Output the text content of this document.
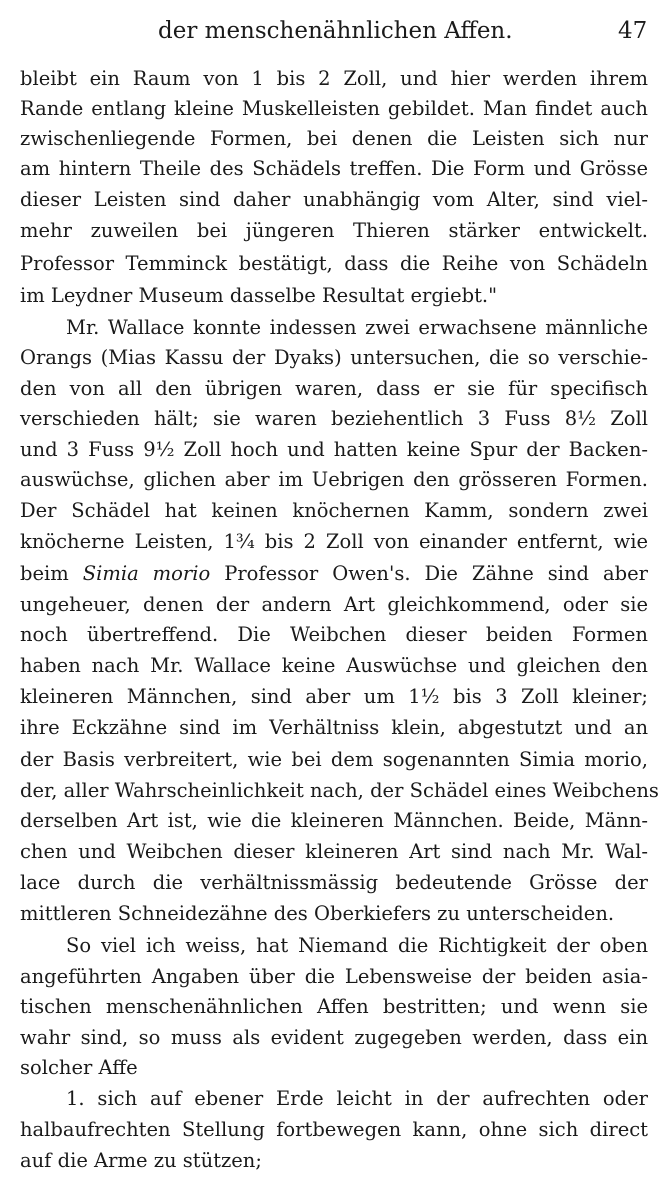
der menschenähnlichen Affen.	47
bleibt ein Raum von 1 bis 2 Zoll, und hier werden ihrem
Rande entlang kleine Muskelleisten gebildet. Man findet auch
zwischenliegende Formen, bei denen die Leisten sich nur
am hintern Theile des Schädels treffen. Die Form und Grösse
dieser Leisten sind daher unabhängig vom Alter, sind viel-
mehr zuweilen bei jüngeren Thieren stärker entwickelt.
Professor Temminck bestätigt, dass die Reihe von Schädeln
im Leydner Museum dasselbe Resultat ergiebt."
Mr. Wallace konnte indessen zwei erwachsene männliche
Orangs (Mias Kassu der Dyaks) untersuchen, die so verschie-
den von all den übrigen waren, dass er sie für specifisch
verschieden hält; sie waren beziehentlich 3 Fuss 8½ Zoll
und 3 Fuss 9½ Zoll hoch und hatten keine Spur der Backen-
auswüchse, glichen aber im Uebrigen den grösseren Formen.
Der Schädel hat keinen knöchernen Kamm, sondern zwei
knöcherne Leisten, 1¾ bis 2 Zoll von einander entfernt, wie
beim Simia morio Professor Owen's. Die Zähne sind aber
ungeheuer, denen der andern Art gleichkommend, oder sie
noch übertreffend. Die Weibchen dieser beiden Formen
haben nach Mr. Wallace keine Auswüchse und gleichen den
kleineren Männchen, sind aber um 1½ bis 3 Zoll kleiner;
ihre Eckzähne sind im Verhältniss klein, abgestutzt und an
der Basis verbreitert, wie bei dem sogenannten Simia morio,
der, aller Wahrscheinlichkeit nach, der Schädel eines Weibchens
derselben Art ist, wie die kleineren Männchen. Beide, Männ-
chen und Weibchen dieser kleineren Art sind nach Mr. Wal-
lace durch die verhältnissmässig bedeutende Grösse der
mittleren Schneidezähne des Oberkiefers zu unterscheiden.
So viel ich weiss, hat Niemand die Richtigkeit der oben
angeführten Angaben über die Lebensweise der beiden asia-
tischen menschenähnlichen Affen bestritten; und wenn sie
wahr sind, so muss als evident zugegeben werden, dass ein
solcher Affe
1. sich auf ebener Erde leicht in der aufrechten oder
halbaufrechten Stellung fortbewegen kann, ohne sich direct
auf die Arme zu stützen;
